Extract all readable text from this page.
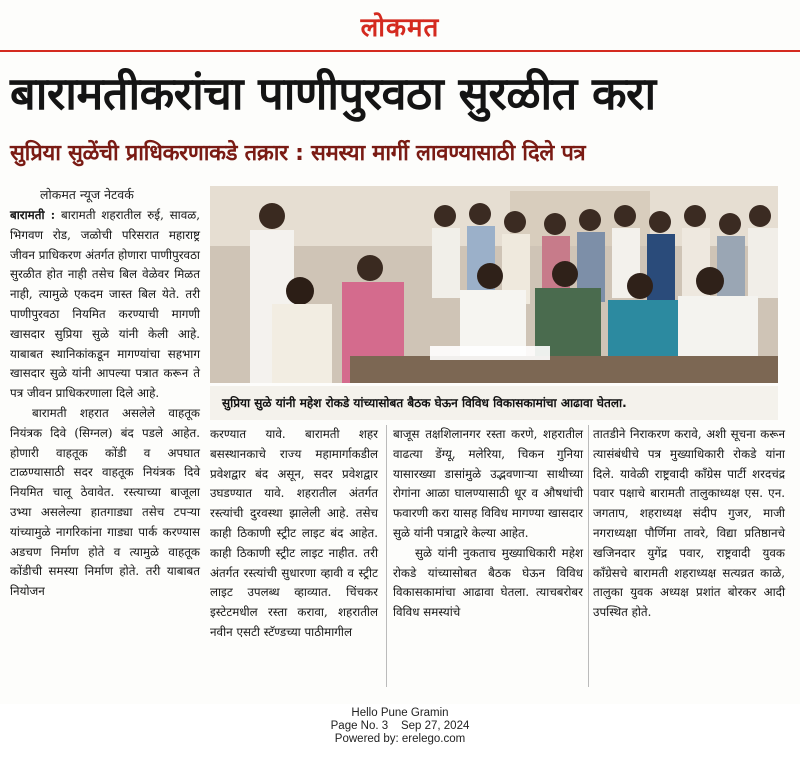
लोकमत
बारामतीकरांचा पाणीपुरवठा सुरळीत करा
सुप्रिया सुळेंची प्राधिकरणाकडे तक्रार : समस्या मार्गी लावण्यासाठी दिले पत्र
लोकमत न्यूज नेटवर्क

बारामती : बारामती शहरातील रुई, सावळ, भिगवण रोड, जळोची परिसरात महाराष्ट्र जीवन प्राधिकरण अंतर्गत होणारा पाणीपुरवठा सुरळीत होत नाही तसेच बिल वेळेवर मिळत नाही, त्यामुळे एकदम जास्त बिल येते. तरी पाणीपुरवठा नियमित करण्याची मागणी खासदार सुप्रिया सुळे यांनी केली आहे. याबाबत स्थानिकांकडून मागण्यांचा सहभाग खासदार सुळे यांनी आपल्या पत्रात करून ते पत्र जीवन प्राधिकरणाला दिले आहे.

बारामती शहरात असलेले वाहतूक नियंत्रक दिवे (सिग्नल) बंद पडले आहेत. होणारी वाहतूक कोंडी व अपघात टाळण्यासाठी सदर वाहतूक नियंत्रक दिवे नियमित चालू ठेवावेत. रस्त्याच्या बाजूला उभ्या असलेल्या हातगाड्या तसेच टपऱ्या यांच्यामुळे नागरिकांना गाड्या पार्क करण्यास अडचण निर्माण होते व त्यामुळे वाहतूक कोंडीची समस्या निर्माण होते. तरी याबाबत नियोजन

सुप्रिया सुळे यांनी महेश रोकडे यांच्यासोबत बैठक घेऊन विविध विकासकामांचा आढावा घेतला.

करण्यात यावे. बारामती शहर बसस्थानकाचे राज्य महामार्गाकडील प्रवेशद्वार बंद असून, सदर प्रवेशद्वार उघडण्यात यावे. शहरातील अंतर्गत रस्त्यांची दुरवस्था झालेली आहे. तसेच काही ठिकाणी स्ट्रीट लाइट बंद आहेत. काही ठिकाणी स्ट्रीट लाइट नाहीत. तरी अंतर्गत रस्त्यांची सुधारणा व्हावी व स्ट्रीट लाइट उपलब्ध व्हाव्यात. चिंचकर इस्टेटमधील रस्ता करावा, शहरातील नवीन एसटी स्टॅण्डच्या पाठीमागील

बाजूस तक्षशिलानगर रस्ता करणे, शहरातील वाढत्या डेंग्यू, मलेरिया, चिकन गुनिया यासारख्या डासांमुळे उद्भवणाऱ्या साथीच्या रोगांना आळा घालण्यासाठी धूर व औषधांची फवारणी करा यासह विविध मागण्या खासदार सुळे यांनी पत्राद्वारे केल्या आहेत.

सुळे यांनी नुकताच मुख्याधिकारी महेश रोकडे यांच्यासोबत बैठक घेऊन विविध विकासकामांचा आढावा घेतला. त्याचबरोबर विविध समस्यांचे

तातडीने निराकरण करावे, अशी सूचना करून त्यासंबंधीचे पत्र मुख्याधिकारी रोकडे यांना दिले. यावेळी राष्ट्रवादी काँग्रेस पार्टी शरदचंद्र पवार पक्षाचे बारामती तालुकाध्यक्ष एस. एन. जगताप, शहराध्यक्ष संदीप गुजर, माजी नगराध्यक्षा पौर्णिमा तावरे, विद्या प्रतिष्ठानचे खजिनदार युगेंद्र पवार, राष्ट्रवादी युवक काँग्रेसचे बारामती शहराध्यक्ष सत्यव्रत काळे, तालुका युवक अध्यक्ष प्रशांत बोरकर आदी उपस्थित होते.

Hello Pune Gramin
Page No. 3    Sep 27, 2024
Powered by: erelego.com
